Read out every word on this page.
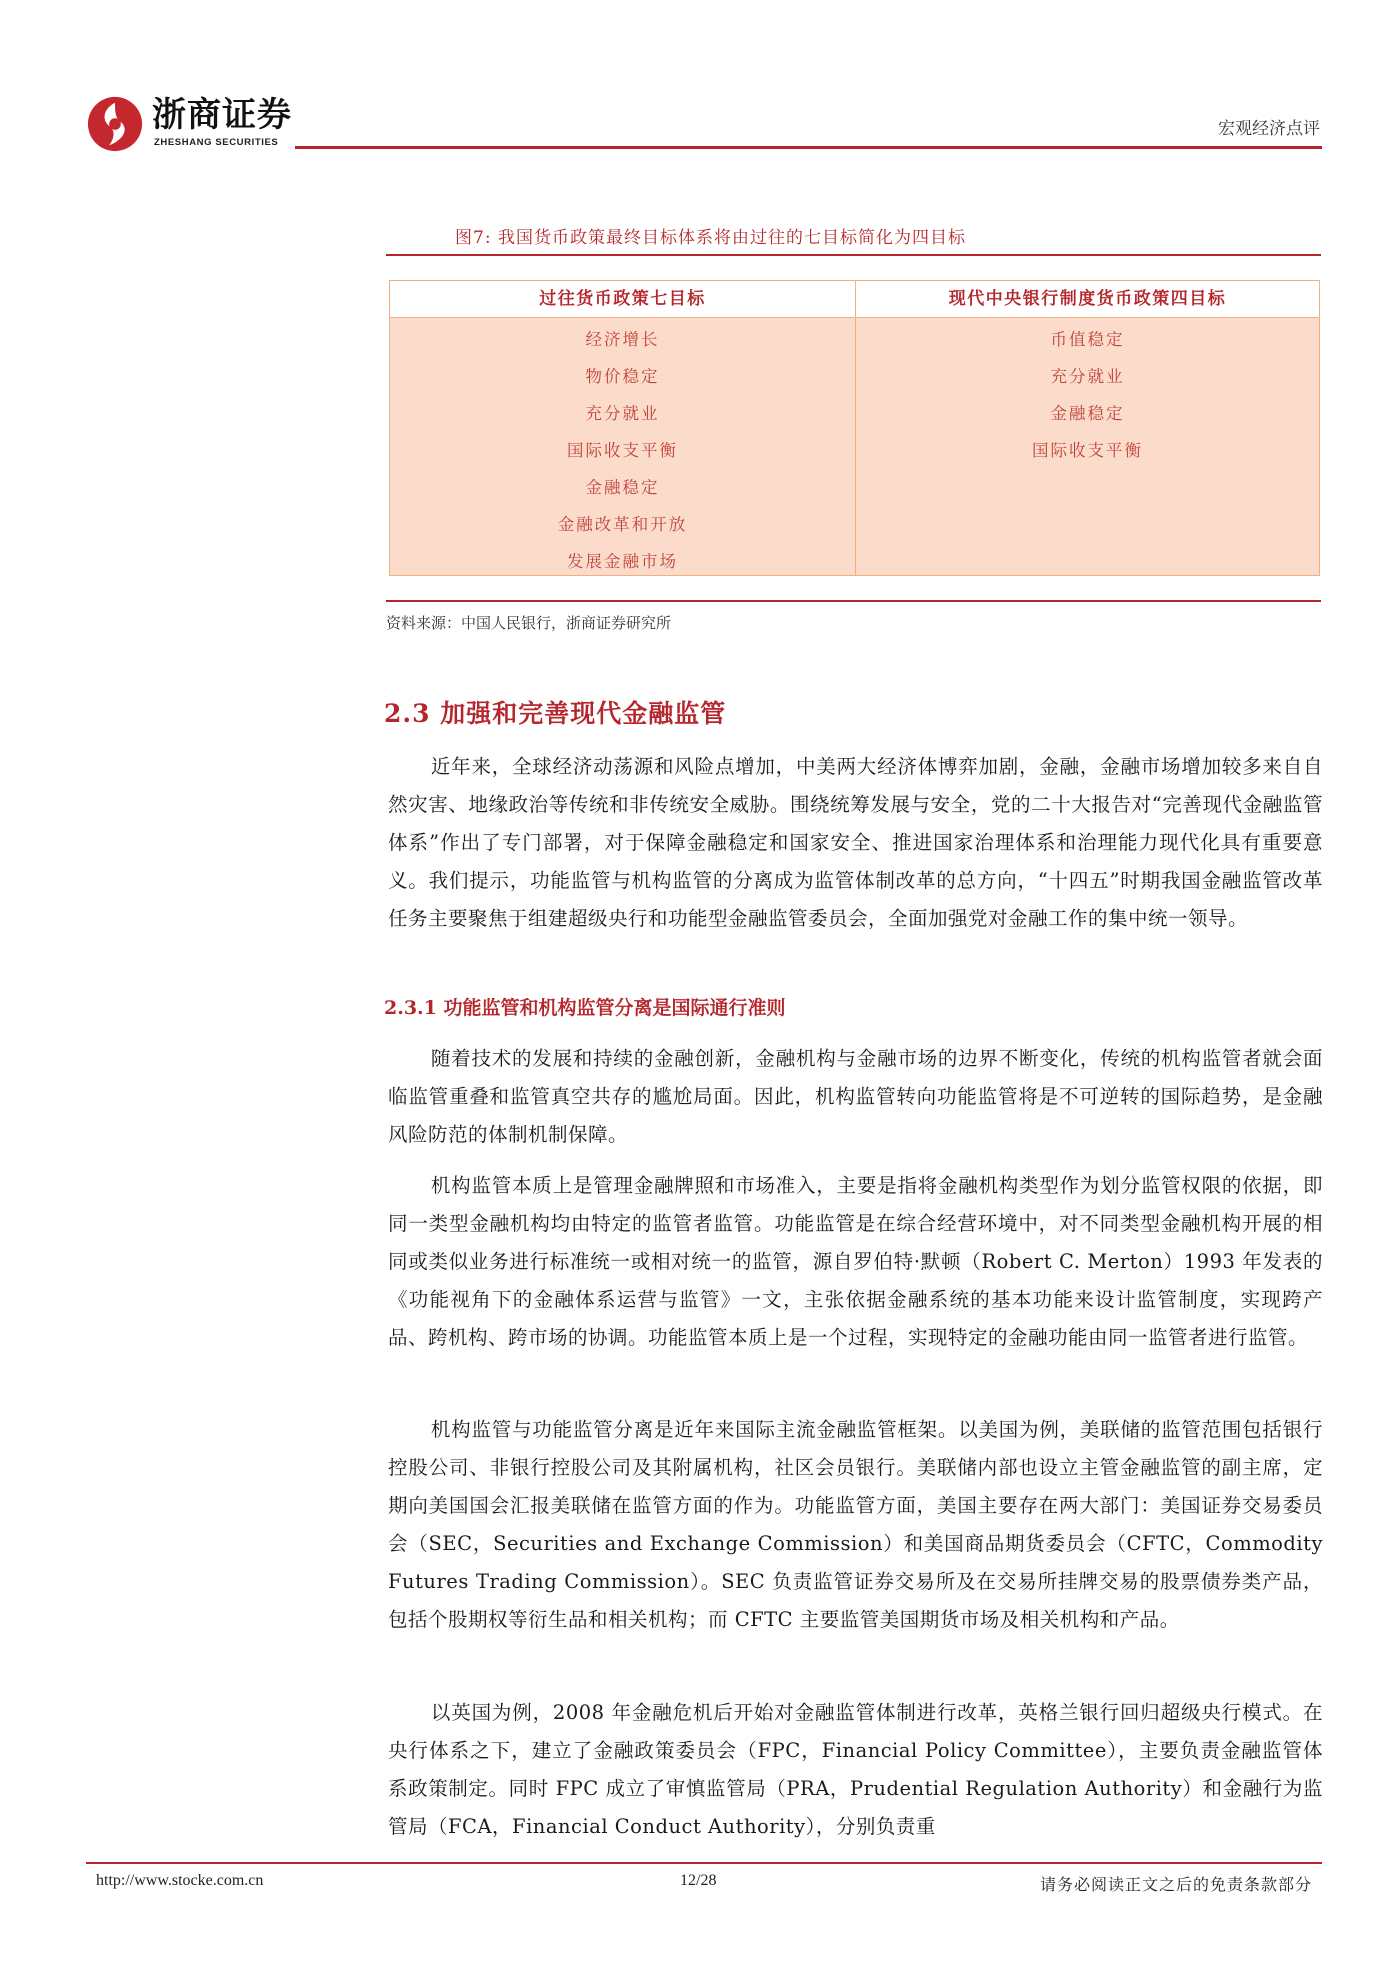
浙商证券
ZHESHANG SECURITIES
宏观经济点评
图7: 我国货币政策最终目标体系将由过往的七目标简化为四目标
过往货币政策七目标
经济增长
物价稳定
充分就业
国际收支平衡
金融稳定
金融改革和开放
发展金融市场
现代中央银行制度货币政策四目标
币值稳定
充分就业
金融稳定
国际收支平衡
资料来源：中国人民银行，浙商证券研究所
2.3 加强和完善现代金融监管
近年来，全球经济动荡源和风险点增加，中美两大经济体博弈加剧，金融，金融市场增加较多来自自然灾害、地缘政治等传统和非传统安全威胁。围绕统筹发展与安全，党的二十大报告对“完善现代金融监管体系”作出了专门部署，对于保障金融稳定和国家安全、推进国家治理体系和治理能力现代化具有重要意义。我们提示，功能监管与机构监管的分离成为监管体制改革的总方向，“十四五”时期我国金融监管改革任务主要聚焦于组建超级央行和功能型金融监管委员会，全面加强党对金融工作的集中统一领导。
2.3.1 功能监管和机构监管分离是国际通行准则
随着技术的发展和持续的金融创新，金融机构与金融市场的边界不断变化，传统的机构监管者就会面临监管重叠和监管真空共存的尴尬局面。因此，机构监管转向功能监管将是不可逆转的国际趋势，是金融风险防范的体制机制保障。
机构监管本质上是管理金融牌照和市场准入，主要是指将金融机构类型作为划分监管权限的依据，即同一类型金融机构均由特定的监管者监管。功能监管是在综合经营环境中，对不同类型金融机构开展的相同或类似业务进行标准统一或相对统一的监管，源自罗伯特·默顿（Robert C. Merton）1993 年发表的《功能视角下的金融体系运营与监管》一文，主张依据金融系统的基本功能来设计监管制度，实现跨产品、跨机构、跨市场的协调。功能监管本质上是一个过程，实现特定的金融功能由同一监管者进行监管。
机构监管与功能监管分离是近年来国际主流金融监管框架。以美国为例，美联储的监管范围包括银行控股公司、非银行控股公司及其附属机构，社区会员银行。美联储内部也设立主管金融监管的副主席，定期向美国国会汇报美联储在监管方面的作为。功能监管方面，美国主要存在两大部门：美国证券交易委员会（SEC，Securities and Exchange Commission）和美国商品期货委员会（CFTC，Commodity Futures Trading Commission）。SEC 负责监管证券交易所及在交易所挂牌交易的股票债券类产品，包括个股期权等衍生品和相关机构；而 CFTC 主要监管美国期货市场及相关机构和产品。
以英国为例，2008 年金融危机后开始对金融监管体制进行改革，英格兰银行回归超级央行模式。在央行体系之下，建立了金融政策委员会（FPC，Financial Policy Committee），主要负责金融监管体系政策制定。同时 FPC 成立了审慎监管局（PRA，Prudential Regulation Authority）和金融行为监管局（FCA，Financial Conduct Authority），分别负责重
http://www.stocke.com.cn	12/28	请务必阅读正文之后的免责条款部分
